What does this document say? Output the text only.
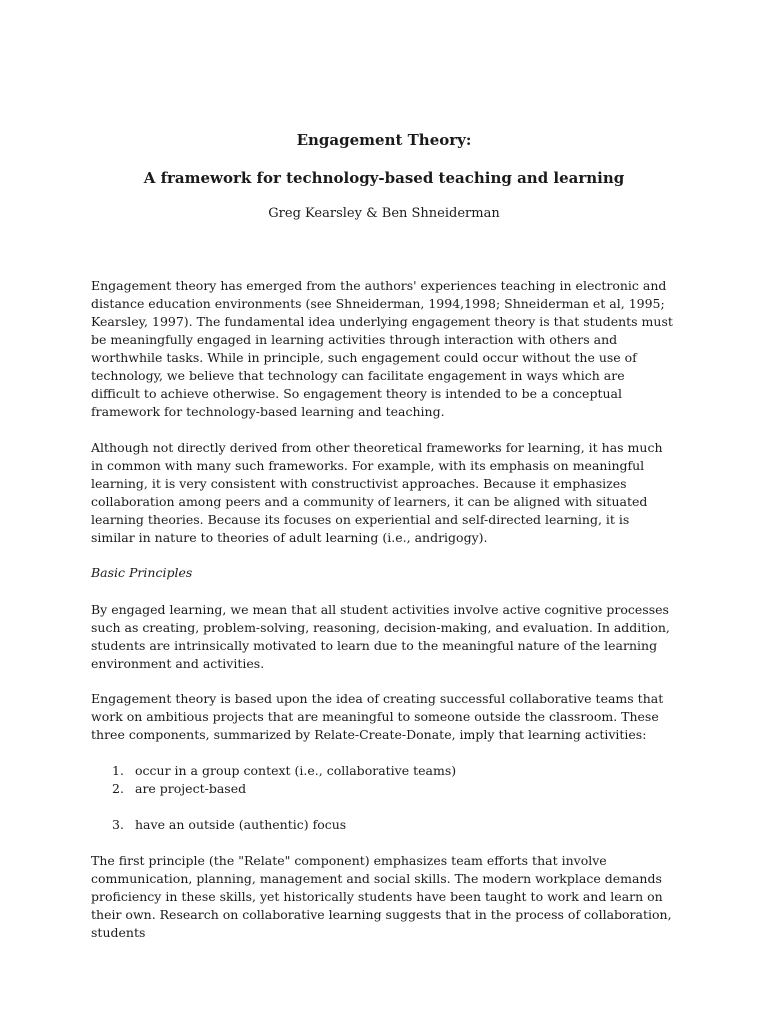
Engagement Theory:
A framework for technology-based teaching and learning

Greg Kearsley & Ben Shneiderman

Engagement theory has emerged from the authors' experiences teaching in electronic and distance education environments (see Shneiderman, 1994,1998; Shneiderman et al, 1995; Kearsley, 1997). The fundamental idea underlying engagement theory is that students must be meaningfully engaged in learning activities through interaction with others and worthwhile tasks. While in principle, such engagement could occur without the use of technology, we believe that technology can facilitate engagement in ways which are difficult to achieve otherwise. So engagement theory is intended to be a conceptual framework for technology-based learning and teaching.

Although not directly derived from other theoretical frameworks for learning, it has much in common with many such frameworks. For example, with its emphasis on meaningful learning, it is very consistent with constructivist approaches. Because it emphasizes collaboration among peers and a community of learners, it can be aligned with situated learning theories. Because its focuses on experiential and self-directed learning, it is similar in nature to theories of adult learning (i.e., andrigogy).

Basic Principles

By engaged learning, we mean that all student activities involve active cognitive processes such as creating, problem-solving, reasoning, decision-making, and evaluation. In addition, students are intrinsically motivated to learn due to the meaningful nature of the learning environment and activities.

Engagement theory is based upon the idea of creating successful collaborative teams that work on ambitious projects that are meaningful to someone outside the classroom. These three components, summarized by Relate-Create-Donate, imply that learning activities:

1. occur in a group context (i.e., collaborative teams)
2. are project-based
3. have an outside (authentic) focus

The first principle (the "Relate" component) emphasizes team efforts that involve communication, planning, management and social skills. The modern workplace demands proficiency in these skills, yet historically students have been taught to work and learn on their own. Research on collaborative learning suggests that in the process of collaboration, students
